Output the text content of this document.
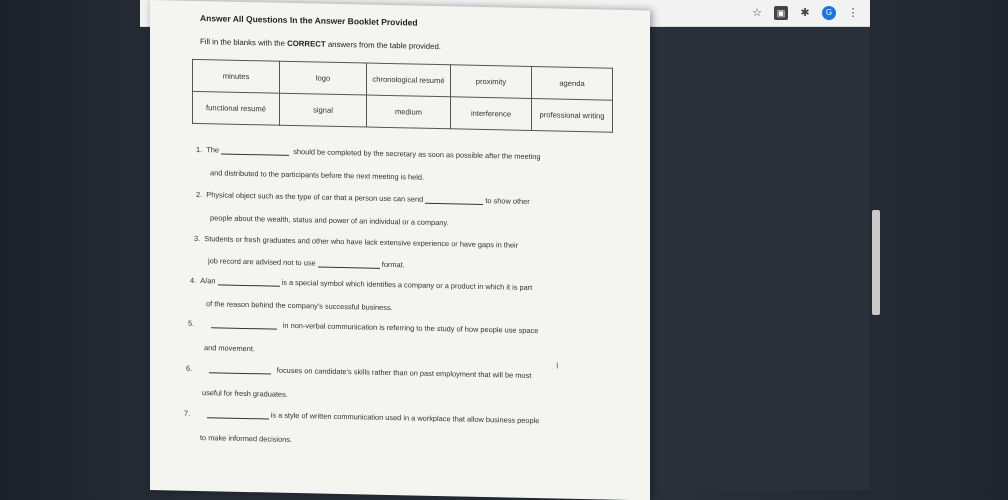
☆	▣ ✱	G	⋮
Answer All Questions In the Answer Booklet Provided
Fill in the blanks with the CORRECT answers from the table provided.
minutes	logo	chronological resumé	proximity	agenda
functional resumé	signal	medium	interference	professional writing
1. The	should be completed by the secretary as soon as possible after the meeting
and distributed to the participants before the next meeting is held.
2. Physical object such as the type of car that a person use can send	to show other
people about the wealth, status and power of an individual or a company.
3. Students or fresh graduates and other who have lack extensive experience or have gaps in their
job record are advised not to use	format.
4. A/an	is a special symbol which identifies a company or a product in which it is part
of the reason behind the company's successful business.
5.	in non-verbal communication is referring to the study of how people use space
and movement.
6.	focuses on candidate's skills rather than on past employment that will be most
useful for fresh graduates.
7.	is a style of written communication used in a workplace that allow business people
to make informed decisions.
I
